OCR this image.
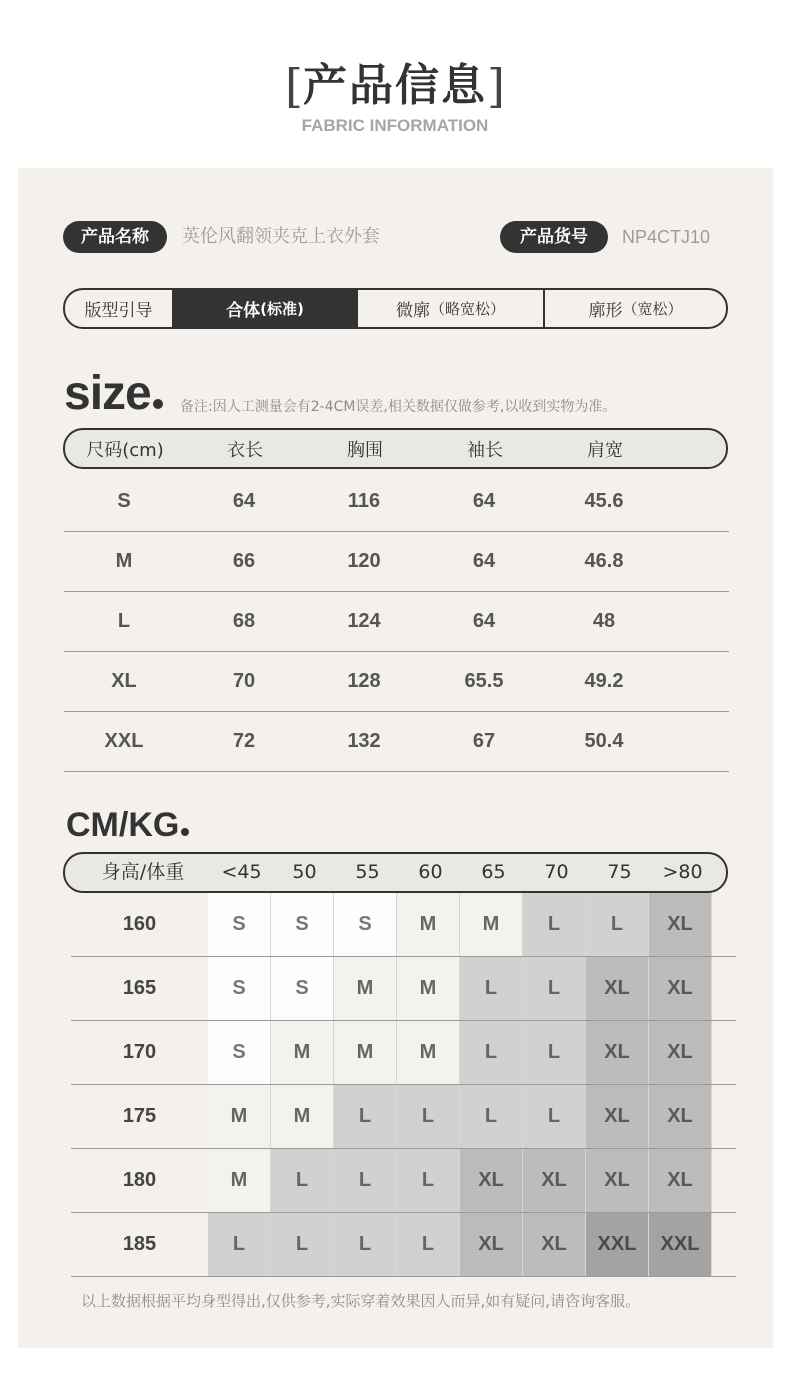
[产品信息]
FABRIC INFORMATION
产品名称	英伦风翻领夹克上衣外套	产品货号	NP4CTJ10
版型引导	合体 (标准)	微廓 （略宽松）	廓形 （宽松）
size	备注:因人工测量会有2-4CM误差,相关数据仅做参考,以收到实物为准。
尺码(cm)	衣长	胸围	袖长	肩宽
S	64	116	64	45.6
M	66	120	64	46.8
L	68	124	64	48
XL	70	128	65.5	49.2
XXL	72	132	67	50.4
CM/KG
身高/体重	<45	50	55	60	65	70	75	>80
160	S	S	S	M	M	L	L	XL
165	S	S	M	M	L	L	XL	XL
170	S	M	M	M	L	L	XL	XL
175	M	M	L	L	L	L	XL	XL
180	M	L	L	L	XL	XL	XL	XL
185	L	L	L	L	XL	XL	XXL	XXL
以上数据根据平均身型得出,仅供参考,实际穿着效果因人而异,如有疑问,请咨询客服。
